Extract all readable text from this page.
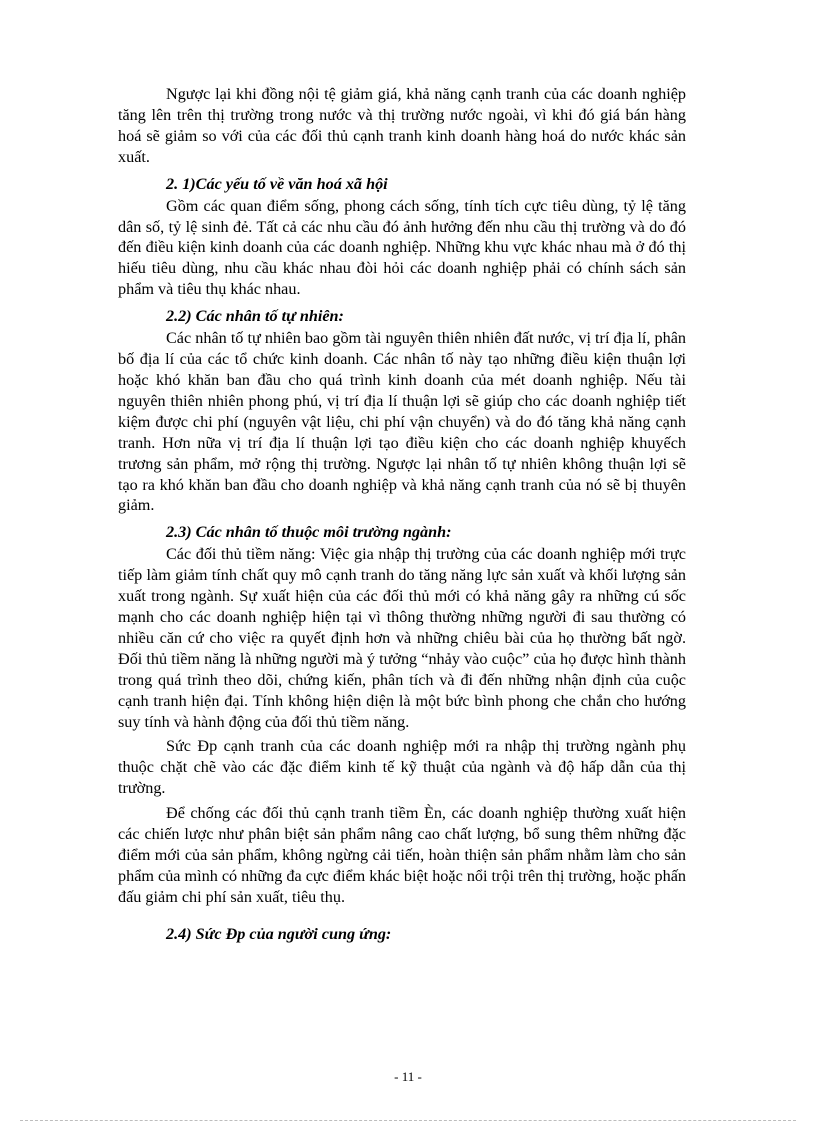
Ngược lại khi đồng nội tệ giảm giá, khả năng cạnh tranh của các doanh nghiệp tăng lên trên thị trường trong nước và thị trường nước ngoài, vì khi đó giá bán hàng hoá sẽ giảm so với của các đối thủ cạnh tranh kinh doanh hàng hoá do nước khác sản xuất.

2. 1)Các yếu tố về văn hoá xã hội

Gồm các quan điểm sống, phong cách sống, tính tích cực tiêu dùng, tỷ lệ tăng dân số, tỷ lệ sinh đẻ. Tất cả các nhu cầu đó ảnh hưởng đến nhu cầu thị trường và do đó đến điều kiện kinh doanh của các doanh nghiệp. Những khu vực khác nhau mà ở đó thị hiếu tiêu dùng, nhu cầu khác nhau đòi hỏi các doanh nghiệp phải có chính sách sản phẩm và tiêu thụ khác nhau.

2.2) Các nhân tố tự nhiên:

Các nhân tố tự nhiên bao gồm tài nguyên thiên nhiên đất nước, vị trí địa lí, phân bố địa lí của các tổ chức kinh doanh. Các nhân tố này tạo những điều kiện thuận lợi hoặc khó khăn ban đầu cho quá trình kinh doanh của mét doanh nghiệp. Nếu tài nguyên thiên nhiên phong phú, vị trí địa lí thuận lợi sẽ giúp cho các doanh nghiệp tiết kiệm được chi phí (nguyên vật liệu, chi phí vận chuyển) và do đó tăng khả năng cạnh tranh. Hơn nữa vị trí địa lí thuận lợi tạo điều kiện cho các doanh nghiệp khuyếch trương sản phẩm, mở rộng thị trường. Ngược lại nhân tố tự nhiên không thuận lợi sẽ tạo ra khó khăn ban đầu cho doanh nghiệp và khả năng cạnh tranh của nó sẽ bị thuyên giảm.

2.3) Các nhân tố thuộc môi trường ngành:

Các đối thủ tiềm năng: Việc gia nhập thị trường của các doanh nghiệp mới trực tiếp làm giảm tính chất quy mô cạnh tranh do tăng năng lực sản xuất và khối lượng sản xuất trong ngành. Sự xuất hiện của các đối thủ mới có khả năng gây ra những cú sốc mạnh cho các doanh nghiệp hiện tại vì thông thường những người đi sau thường có nhiều căn cứ cho việc ra quyết định hơn và những chiêu bài của họ thường bất ngờ. Đối thủ tiềm năng là những người mà ý tưởng “nhảy vào cuộc” của họ được hình thành trong quá trình theo dõi, chứng kiến, phân tích và đi đến những nhận định của cuộc cạnh tranh hiện đại. Tính không hiện diện là một bức bình phong che chắn cho hướng suy tính và hành động của đối thủ tiềm năng.

Sức Đp cạnh tranh của các doanh nghiệp mới ra nhập thị trường ngành phụ thuộc chặt chẽ vào các đặc điểm kinh tế kỹ thuật của ngành và độ hấp dẫn của thị trường.

Để chống các đối thủ cạnh tranh tiềm Èn, các doanh nghiệp thường xuất hiện các chiến lược như phân biệt sản phẩm nâng cao chất lượng, bổ sung thêm những đặc điểm mới của sản phẩm, không ngừng cải tiến, hoàn thiện sản phẩm nhằm làm cho sản phẩm của mình có những đa cực điểm khác biệt hoặc nổi trội trên thị trường, hoặc phấn đấu giảm chi phí sản xuất, tiêu thụ.

2.4) Sức Đp của người cung ứng:

- 11 -
